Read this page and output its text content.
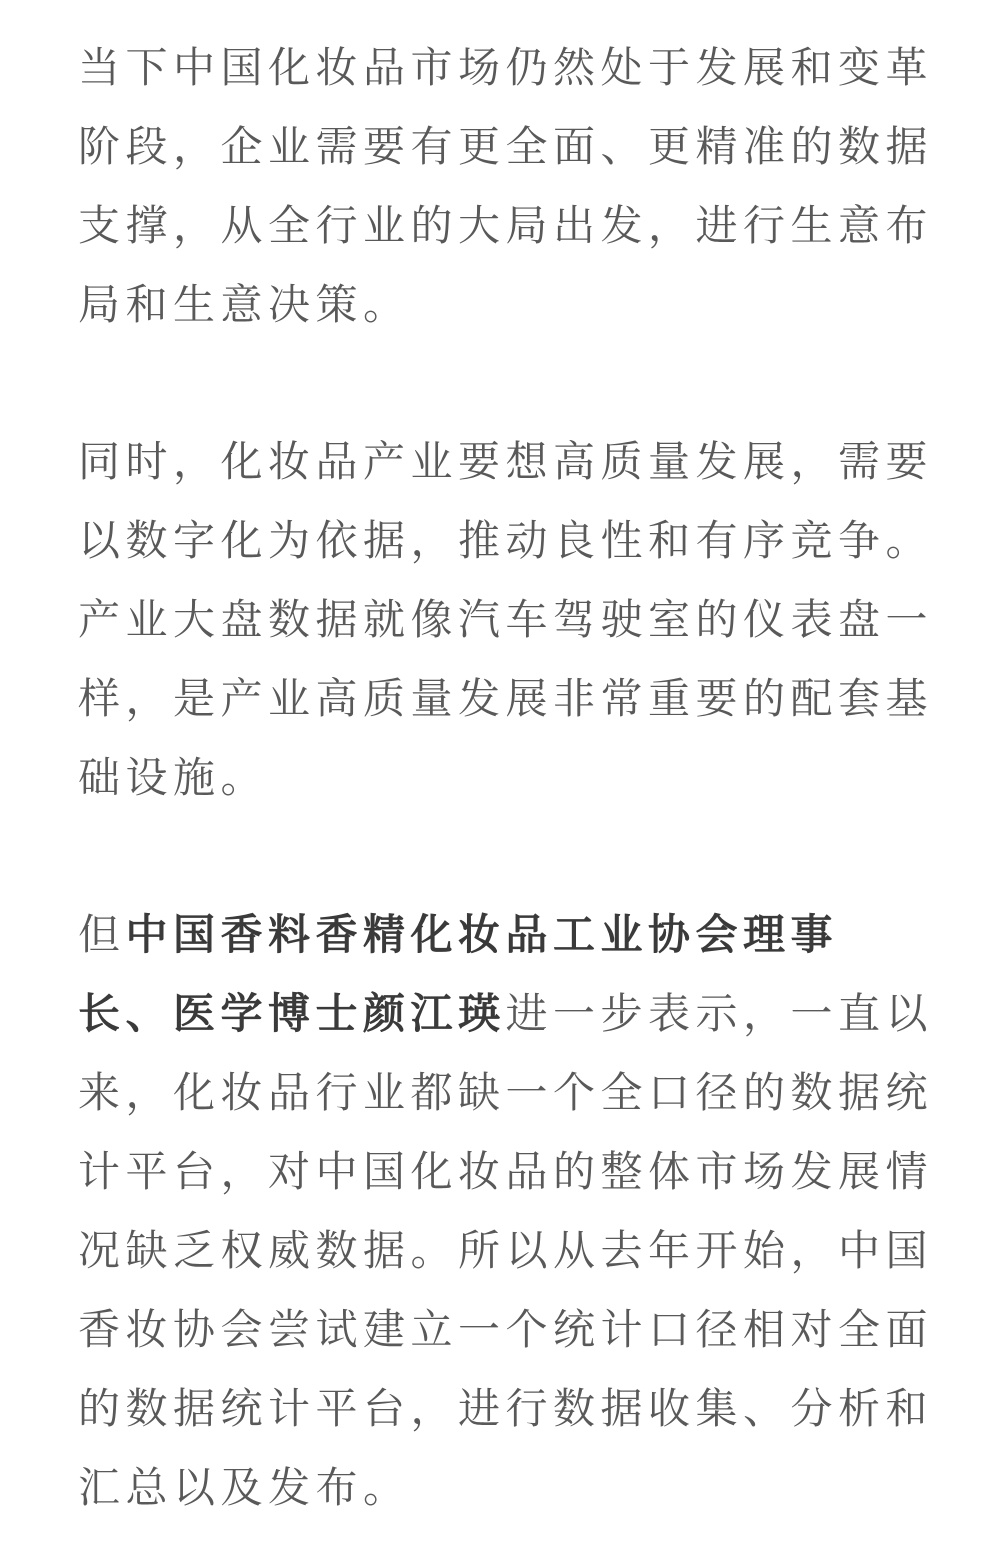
当下中国化妆品市场仍然处于发展和变革
阶段，企业需要有更全面、更精准的数据
支撑，从全行业的大局出发，进行生意布
局和生意决策。

同时，化妆品产业要想高质量发展，需要
以数字化为依据，推动良性和有序竞争。
产业大盘数据就像汽车驾驶室的仪表盘一
样，是产业高质量发展非常重要的配套基
础设施。

但中国香料香精化妆品工业协会理事
长、医学博士颜江瑛进一步表示，一直以
来，化妆品行业都缺一个全口径的数据统
计平台，对中国化妆品的整体市场发展情
况缺乏权威数据。所以从去年开始，中国
香妆协会尝试建立一个统计口径相对全面
的数据统计平台，进行数据收集、分析和
汇总以及发布。
